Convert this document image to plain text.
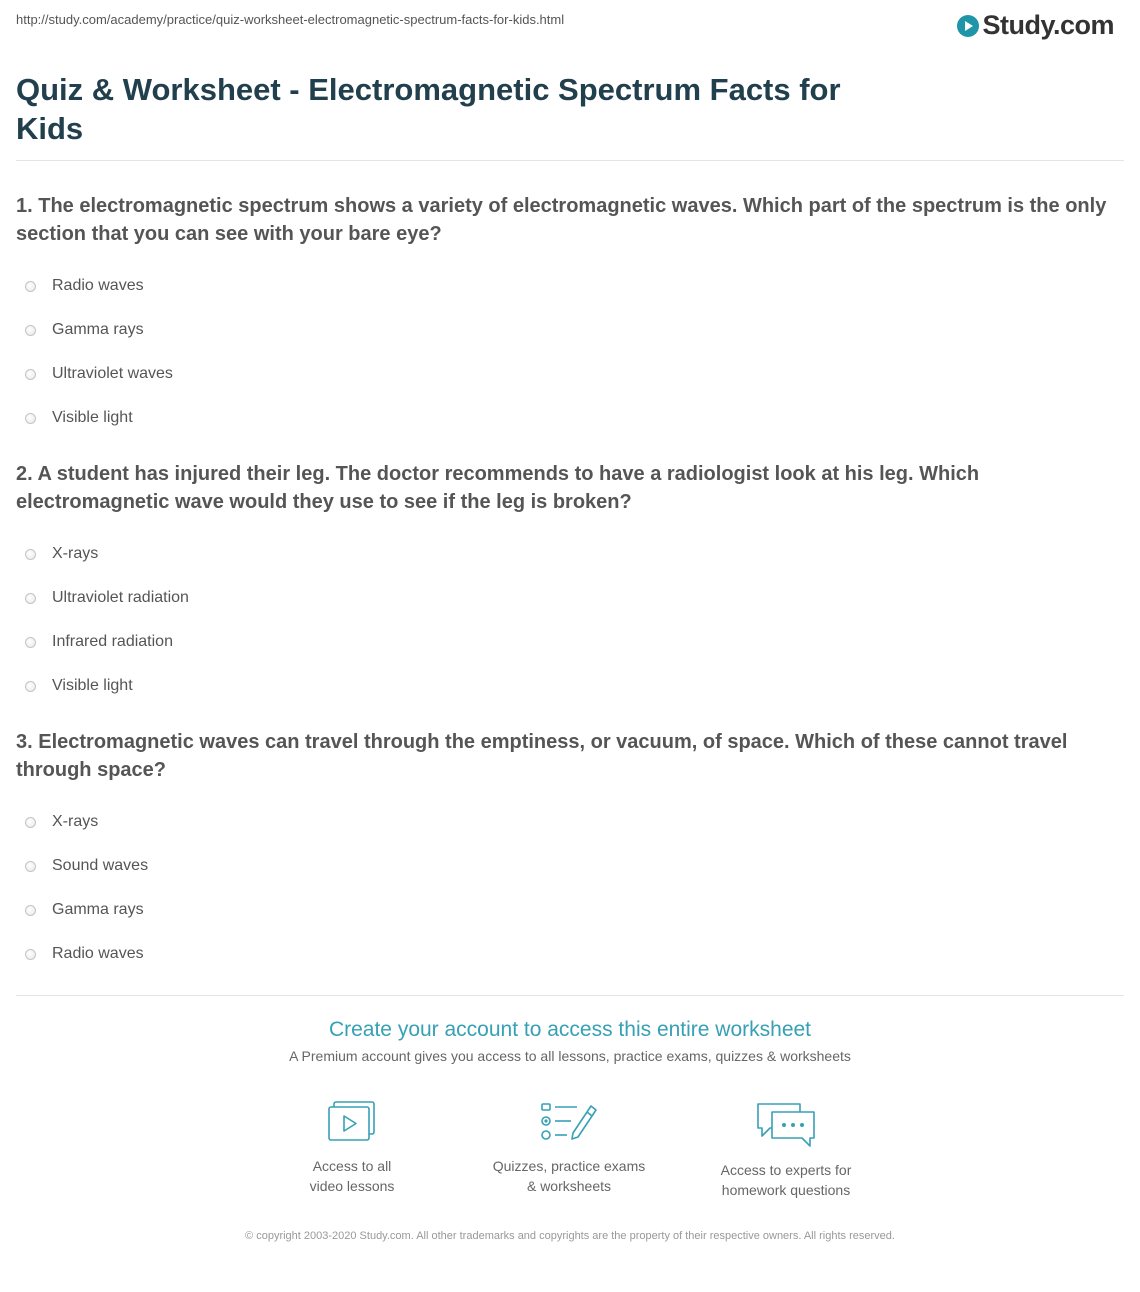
http://study.com/academy/practice/quiz-worksheet-electromagnetic-spectrum-facts-for-kids.html	Study.com
Quiz & Worksheet - Electromagnetic Spectrum Facts for Kids
1. The electromagnetic spectrum shows a variety of electromagnetic waves. Which part of the spectrum is the only section that you can see with your bare eye?
Radio waves
Gamma rays
Ultraviolet waves
Visible light
2. A student has injured their leg. The doctor recommends to have a radiologist look at his leg. Which electromagnetic wave would they use to see if the leg is broken?
X-rays
Ultraviolet radiation
Infrared radiation
Visible light
3. Electromagnetic waves can travel through the emptiness, or vacuum, of space. Which of these cannot travel through space?
X-rays
Sound waves
Gamma rays
Radio waves
Create your account to access this entire worksheet
A Premium account gives you access to all lessons, practice exams, quizzes & worksheets
Access to all
video lessons
Quizzes, practice exams
& worksheets
Access to experts for
homework questions
© copyright 2003-2020 Study.com. All other trademarks and copyrights are the property of their respective owners. All rights reserved.
